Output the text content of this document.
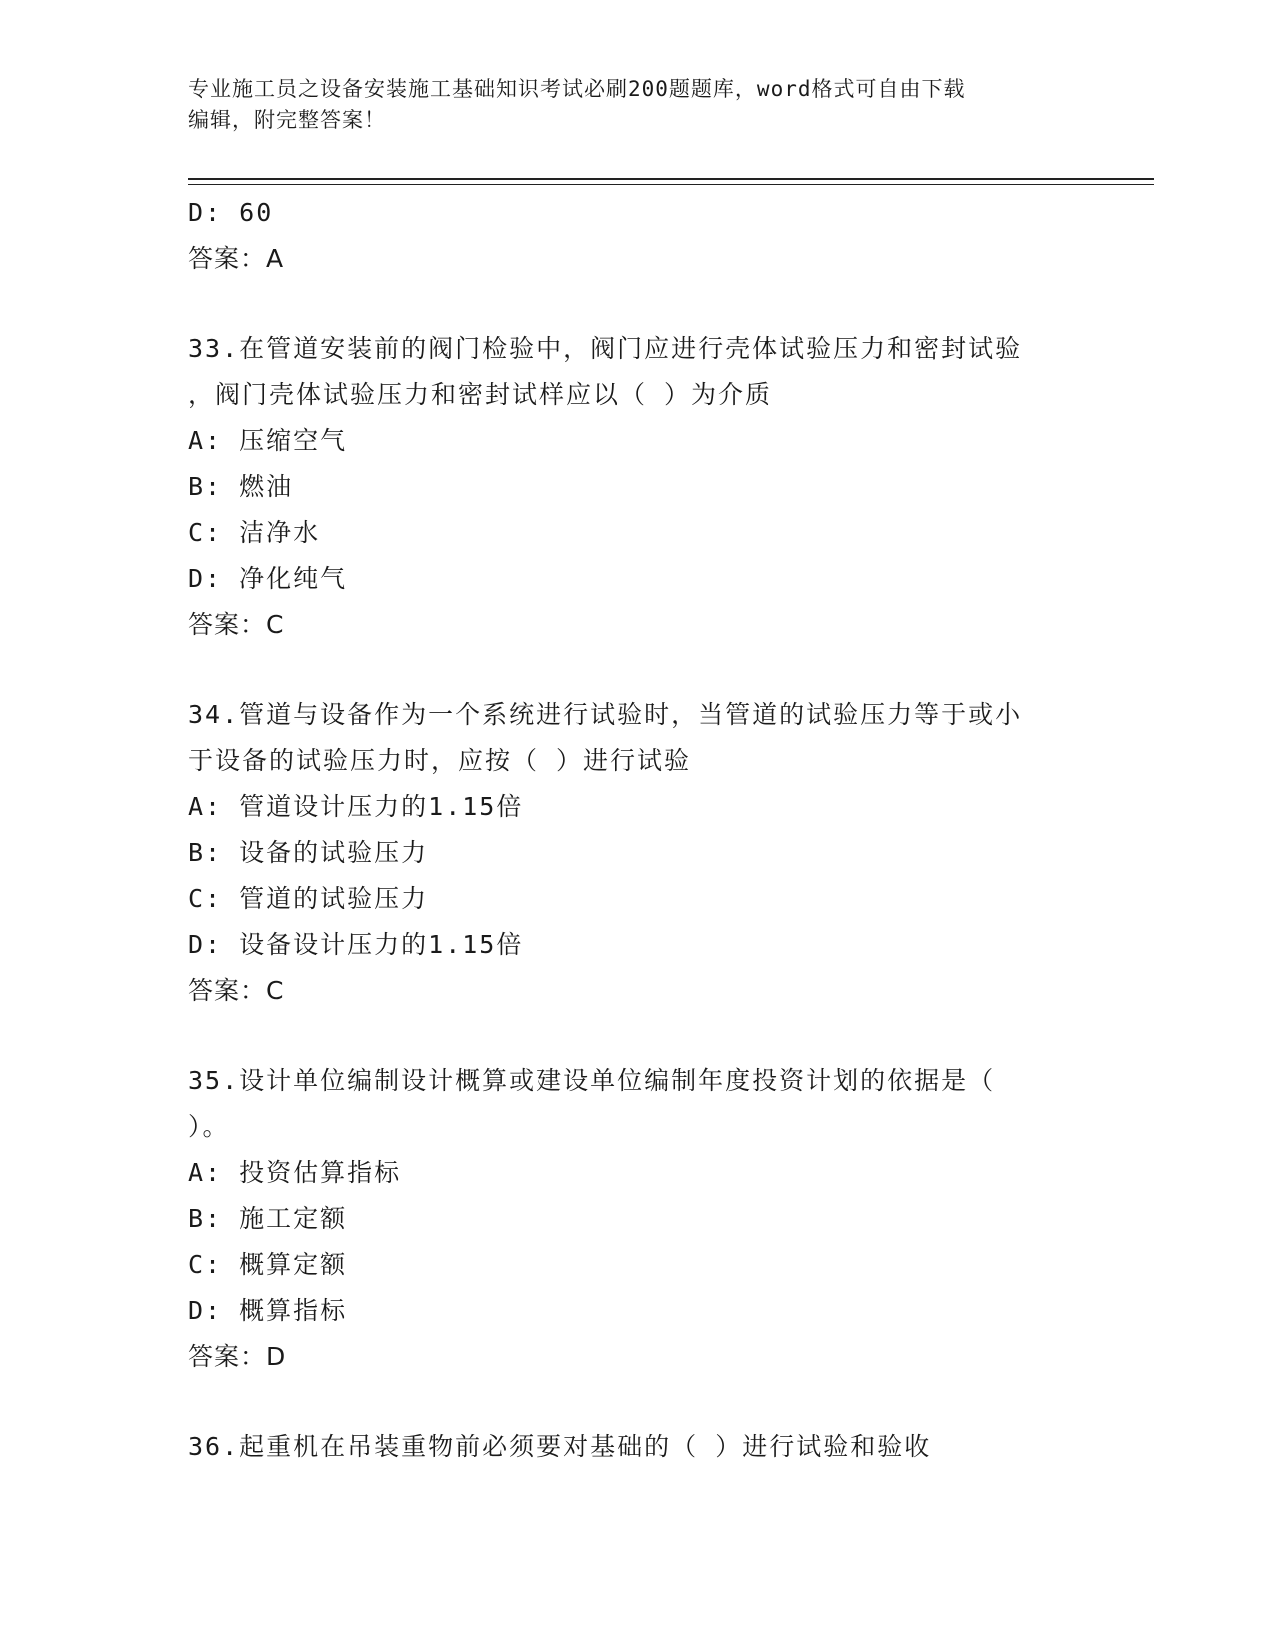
专业施工员之设备安装施工基础知识考试必刷200题题库，word格式可自由下载
编辑，附完整答案！
D: 60
答案：A
33.在管道安装前的阀门检验中，阀门应进行壳体试验压力和密封试验
，阀门壳体试验压力和密封试样应以（ ）为介质
A: 压缩空气
B: 燃油
C: 洁净水
D: 净化纯气
答案：C
34.管道与设备作为一个系统进行试验时，当管道的试验压力等于或小
于设备的试验压力时，应按（ ）进行试验
A: 管道设计压力的1.15倍
B: 设备的试验压力
C: 管道的试验压力
D: 设备设计压力的1.15倍
答案：C
35.设计单位编制设计概算或建设单位编制年度投资计划的依据是（
）。
A: 投资估算指标
B: 施工定额
C: 概算定额
D: 概算指标
答案：D
36.起重机在吊装重物前必须要对基础的（ ）进行试验和验收
